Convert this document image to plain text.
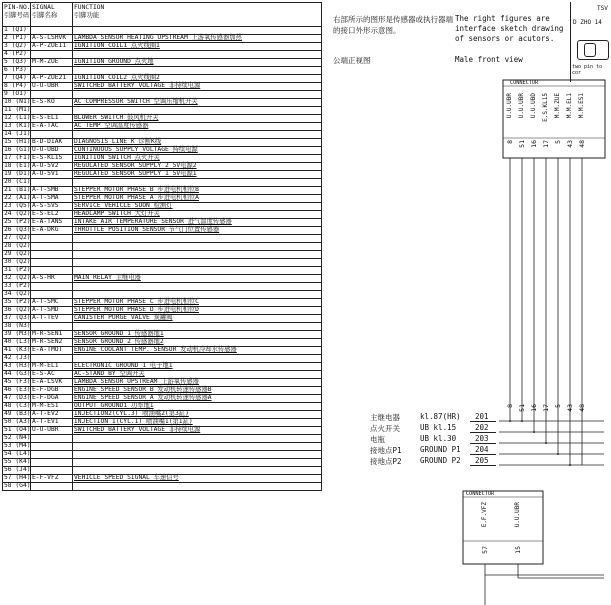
PIN-NO.
引脚号码	SIGNAL
引脚名称	FUNCTION
引脚功能

1 (Q1)		
2 (P1)	A-S-LSHVK	LAMBDA SENSOR HEATING UPSTREAM 上游氧传感器加热
3 (Q2)	A-P-ZUE11	IGNITION COIL1 点火线圈1
4 (P2)		
5 (Q3)	M-M-ZUE	IGNITION GROUND 点火地
6 (P3)		
7 (Q4)	A-P-ZUE21	IGNITION COIL2 点火线圈2
8 (P4)	U-U-UBR	SWITCHED BATTERY VOLTAGE 非持续电源
9 (O1)		
10 (N1)	E-S-KO	AC COMPRESSOR SWITCH 空调压缩机开关
11 (M1)		
12 (L1)	E-S-EL1	BLOWER SWITCH 鼓风机开关
13 (K1)	E-A-TAC	AC TEMP 空调温度传感器
14 (J1)		
15 (H1)	B-D-DIAK	DIAGNOSIS LINE K 诊断K线
16 (G1)	U-U-UBD	CONTINUOUS SUPPLY VOLTAGE 持续电源
17 (F1)	E-S-KL15	IGNITION SWITCH 点火开关
18 (E1)	A-U-5V2	REGULATED SENSOR SUPPLY 2 5V电源2
19 (D1)	A-U-5V1	REGULATED SENSOR SUPPLY 1 5V电源1
20 (C1)		
21 (B1)	A-T-SMB	STEPPER MOTOR PHASE B 步进电机相位B
22 (A1)	A-T-SMA	STEPPER MOTOR PHASE A 步进电机相位A
23 (Q5)	A-S-SVS	SERVICE VEHICLE SOON 检测灯
24 (Q2)	E-S-EL2	HEADLAMP SWITCH 大灯开关
25 (P2)	E-A-TANS	INTAKE AIR TEMPERATURE SENSOR 进气温度传感器
26 (Q3)	E-A-DKG	THROTTLE POSITION SENSOR 节气门位置传感器
27 (Q2)		
28 (Q2)		
29 (Q2)		
30 (Q2)		
31 (P2)		
32 (Q2)	A-S-HR	MAIN RELAY 主继电器
33 (P2)		
34 (Q2)		
35 (P2)	A-T-SMC	STEPPER MOTOR PHASE C 步进电机相位C
36 (Q2)	A-T-SMD	STEPPER MOTOR PHASE D 步进电机相位D
37 (Q3)	A-T-TEV	CANISTER PURGE VALVE 炭罐阀
38 (N3)		
39 (M3)	M-R-SEN1	SENSOR GROUND 1 传感器地1
40 (L3)	M-R-SEN2	SENSOR GROUND 2 传感器地2
41 (K3)	E-A-TMOT	ENGINE COOLANT TEMP. SENSOR 发动机冷却水传感器
42 (J3)		
43 (H3)	M-M-EL1	ELECTRONIC GROUND 1 电子地1
44 (G3)	E-S-AC	AC-STAND BY 空调开关
45 (F3)	E-A-LSVK	LAMBDA SENSOR UPSTREAM 上游氧传感器
46 (E3)	E-F-DGB	ENGINE SPEED SENSOR B 发动机转速传感器B
47 (D3)	E-F-DGA	ENGINE SPEED SENSOR A 发动机转速传感器A
48 (C3)	M-M-ES1	OUTPUT GROUND1 功率地1
49 (B3)	A-T-EV2	INJECTION2(CYL.3) 喷油嘴2(第3缸)
50 (A3)	A-T-EV1	INJECTION 1(CYL.1) 喷油嘴1(第1缸)
51 (O4)	U-U-UBR	SWITCHED BATTERY VOLTAGE 非持续电源
52 (N4)		
53 (M4)		
54 (L4)		
55 (K4)		
56 (J4)		
57 (H4)	E-F-VFZ	VEHICLE SPEED SIGNAL 车速信号
58 (G4)		
右部所示的图形是传感器或执行器端的接口外形示意图。
The right figures are interface sketch drawing of sensors or acutors.
公端正视图	Male front view
TSV
D ZHO 14
two pin to cor
CONNECTOR
U.U.UBR U.U.UBR U.U.UBD E.S.KL15 M.M.ZUE M.M.EL1 M.M.ES1
8 51 16 17 5 43 48
8 51 16 17 5 43 48
主继电器	kl.87(HR) 201
点火开关	UB kl.15	202
电瓶	UB kl.30	203
接地点P1 GROUND P1 204
接地点P2 GROUND P2 205
CONNECTOR
E.F.VFZ	U.U.UBR
57	15
